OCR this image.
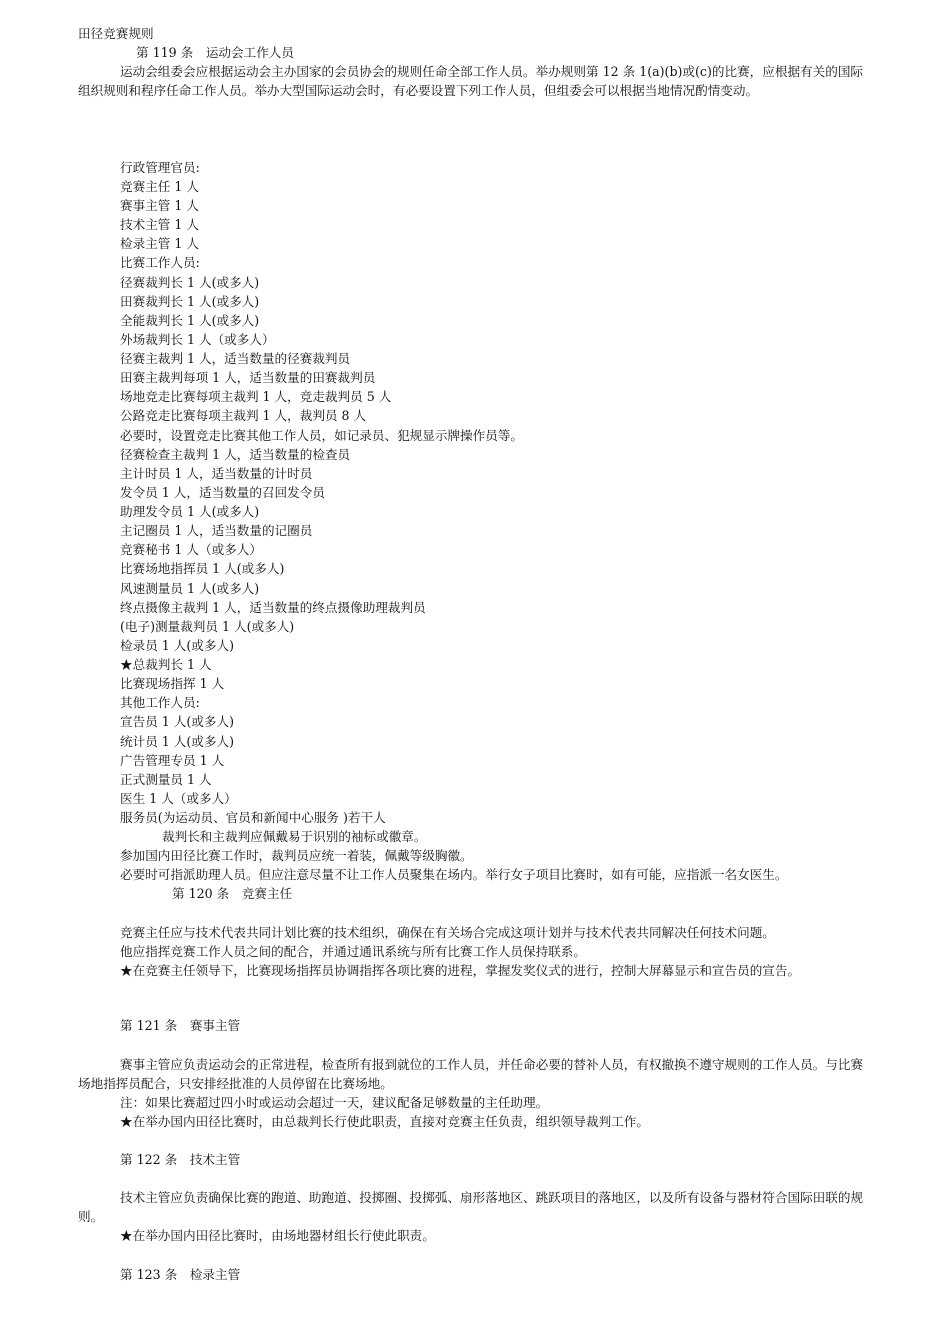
田径竞赛规则
第 119 条　运动会工作人员
运动会组委会应根据运动会主办国家的会员协会的规则任命全部工作人员。举办规则第 12 条 1(a)(b)或(c)的比赛，应根据有关的国际组织规则和程序任命工作人员。举办大型国际运动会时，有必要设置下列工作人员，但组委会可以根据当地情况酌情变动。
行政管理官员:
竞赛主任 1 人
赛事主管 1 人
技术主管 1 人
检录主管 1 人
比赛工作人员:
径赛裁判长 1 人(或多人)
田赛裁判长 1 人(或多人)
全能裁判长 1 人(或多人)
外场裁判长 1 人（或多人）
径赛主裁判 1 人，适当数量的径赛裁判员
田赛主裁判每项 1 人，适当数量的田赛裁判员
场地竞走比赛每项主裁判 1 人，竞走裁判员 5 人
公路竞走比赛每项主裁判 1 人，裁判员 8 人
必要时，设置竞走比赛其他工作人员，如记录员、犯规显示牌操作员等。
径赛检查主裁判 1 人，适当数量的检查员
主计时员 1 人，适当数量的计时员
发令员 1 人，适当数量的召回发令员
助理发令员 1 人(或多人)
主记圈员 1 人，适当数量的记圈员
竞赛秘书 1 人（或多人）
比赛场地指挥员 1 人(或多人)
风速测量员 1 人(或多人)
终点摄像主裁判 1 人，适当数量的终点摄像助理裁判员
(电子)测量裁判员 1 人(或多人)
检录员 1 人(或多人)
★总裁判长 1 人
比赛现场指挥 1 人
其他工作人员:
宣告员 1 人(或多人)
统计员 1 人(或多人)
广告管理专员 1 人
正式测量员 1 人
医生 1 人（或多人）
服务员(为运动员、官员和新闻中心服务 )若干人
裁判长和主裁判应佩戴易于识别的袖标或徽章。
参加国内田径比赛工作时，裁判员应统一着装，佩戴等级胸徽。
必要时可指派助理人员。但应注意尽量不让工作人员聚集在场内。举行女子项目比赛时，如有可能，应指派一名女医生。
第 120 条　竞赛主任
竞赛主任应与技术代表共同计划比赛的技术组织，确保在有关场合完成这项计划并与技术代表共同解决任何技术问题。
他应指挥竞赛工作人员之间的配合，并通过通讯系统与所有比赛工作人员保持联系。
★在竞赛主任领导下，比赛现场指挥员协调指挥各项比赛的进程，掌握发奖仪式的进行，控制大屏幕显示和宣告员的宣告。
第 121 条　赛事主管
赛事主管应负责运动会的正常进程，检查所有报到就位的工作人员，并任命必要的替补人员，有权撤换不遵守规则的工作人员。与比赛场地指挥员配合，只安排经批准的人员停留在比赛场地。
注：如果比赛超过四小时或运动会超过一天，建议配备足够数量的主任助理。
★在举办国内田径比赛时，由总裁判长行使此职责，直接对竞赛主任负责，组织领导裁判工作。
第 122 条　技术主管
技术主管应负责确保比赛的跑道、助跑道、投掷圈、投掷弧、扇形落地区、跳跃项目的落地区，以及所有设备与器材符合国际田联的规则。
★在举办国内田径比赛时，由场地器材组长行使此职责。
第 123 条　检录主管
